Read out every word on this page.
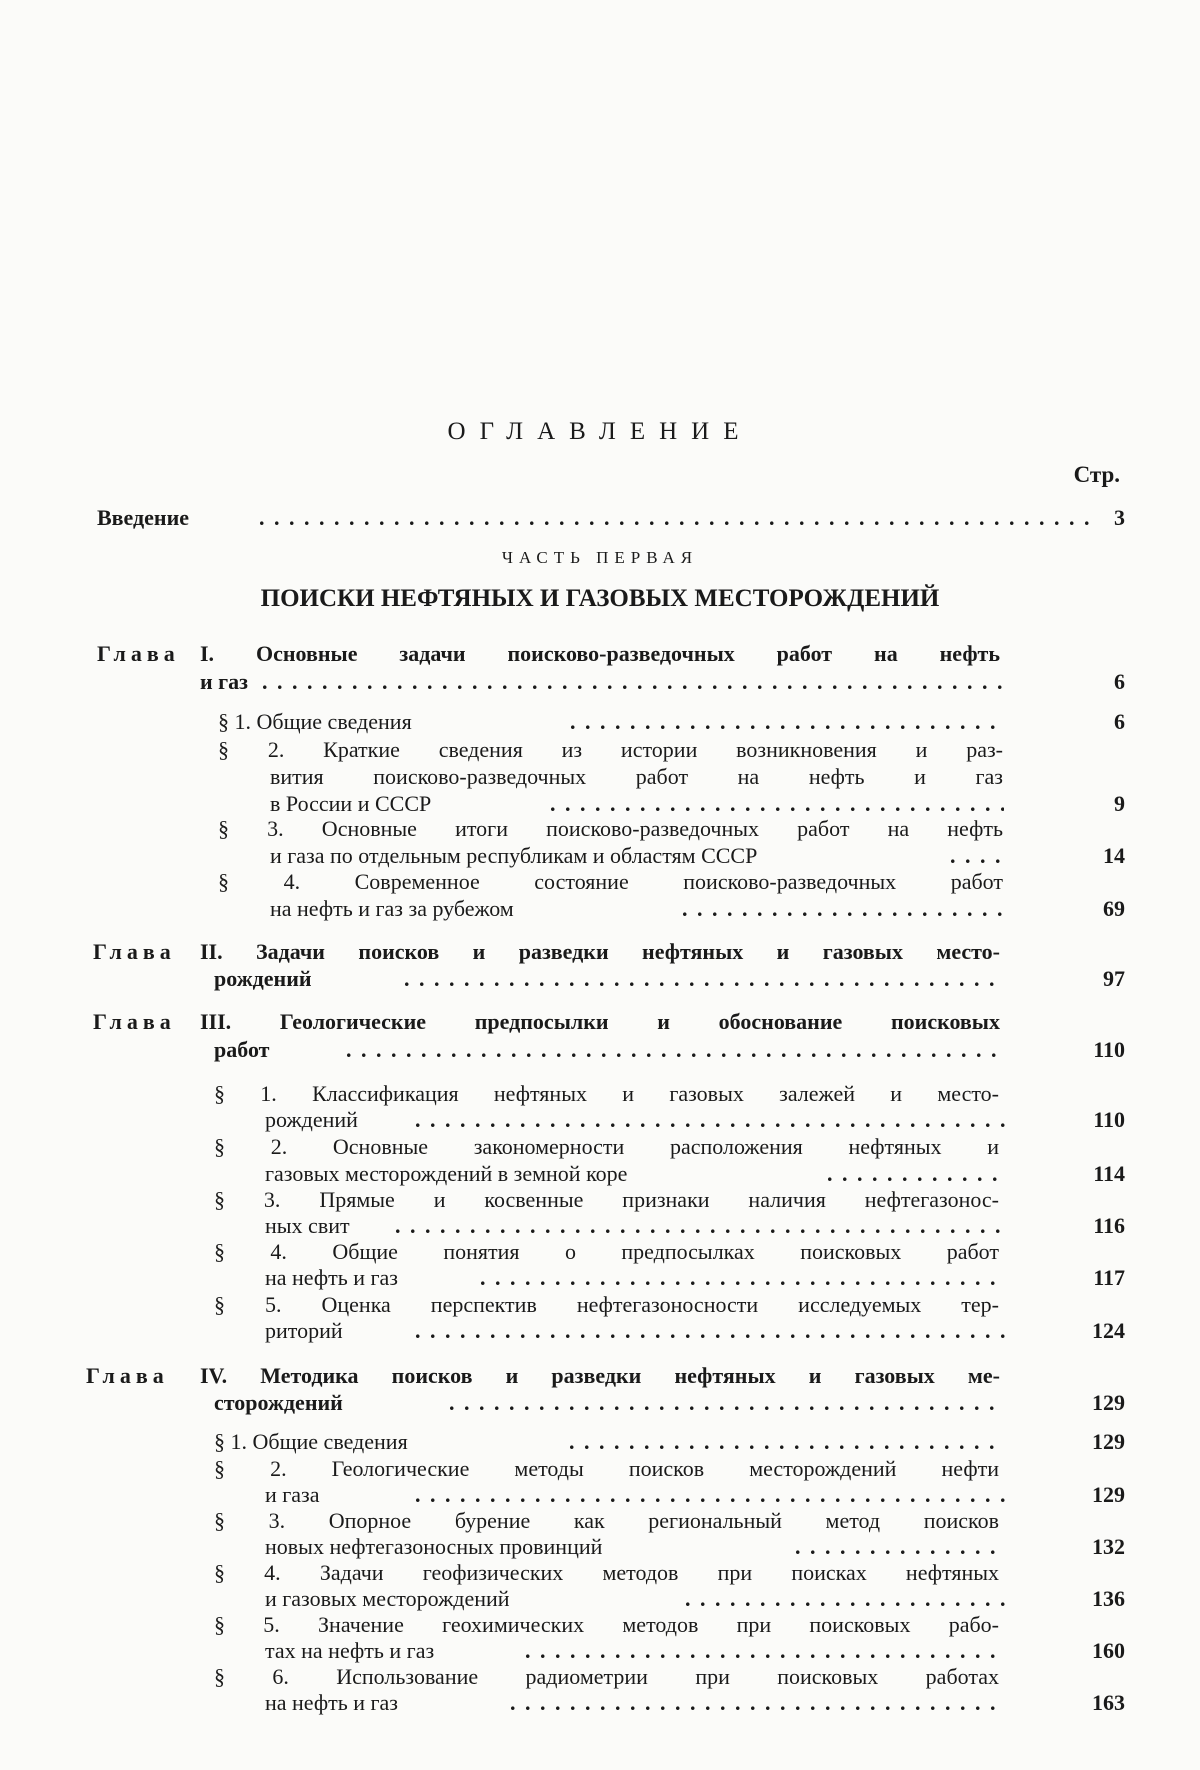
ОГЛАВЛЕНИЕ
Стр.
Введение . . .	3
ЧАСТЬ ПЕРВАЯ
ПОИСКИ НЕФТЯНЫХ И ГАЗОВЫХ МЕСТОРОЖДЕНИЙ
Глава I. Основные задачи поисково-разведочных работ на нефть
и газ . . .	6
§ 1. Общие сведения . . .	6
§ 2. Краткие сведения из истории возникновения и раз-
вития поисково-разведочных работ на нефть и газ
в России и СССР . . .	9
§ 3. Основные итоги поисково-разведочных работ на нефть
и газа по отдельным республикам и областям СССР . . .	14
§ 4. Современное состояние поисково-разведочных работ
на нефть и газ за рубежом . . .	69
Глава II. Задачи поисков и разведки нефтяных и газовых место-
рождений . . .	97
Глава III. Геологические предпосылки и обоснование поисковых
работ . . .	110
§ 1. Классификация нефтяных и газовых залежей и место-
рождений . . .	110
§ 2. Основные закономерности расположения нефтяных и
газовых месторождений в земной коре . . .	114
§ 3. Прямые и косвенные признаки наличия нефтегазонос-
ных свит . . .	116
§ 4. Общие понятия о предпосылках поисковых работ
на нефть и газ . . .	117
§ 5. Оценка перспектив нефтегазоносности исследуемых тер-
риторий . . .	124
Глава IV. Методика поисков и разведки нефтяных и газовых ме-
сторождений . . .	129
§ 1. Общие сведения . . .	129
§ 2. Геологические методы поисков месторождений нефти
и газа . . .	129
§ 3. Опорное бурение как региональный метод поисков
новых нефтегазоносных провинций . . .	132
§ 4. Задачи геофизических методов при поисках нефтяных
и газовых месторождений . . .	136
§ 5. Значение геохимических методов при поисковых рабо-
тах на нефть и газ . . .	160
§ 6. Использование радиометрии при поисковых работах
на нефть и газ . . .	163
